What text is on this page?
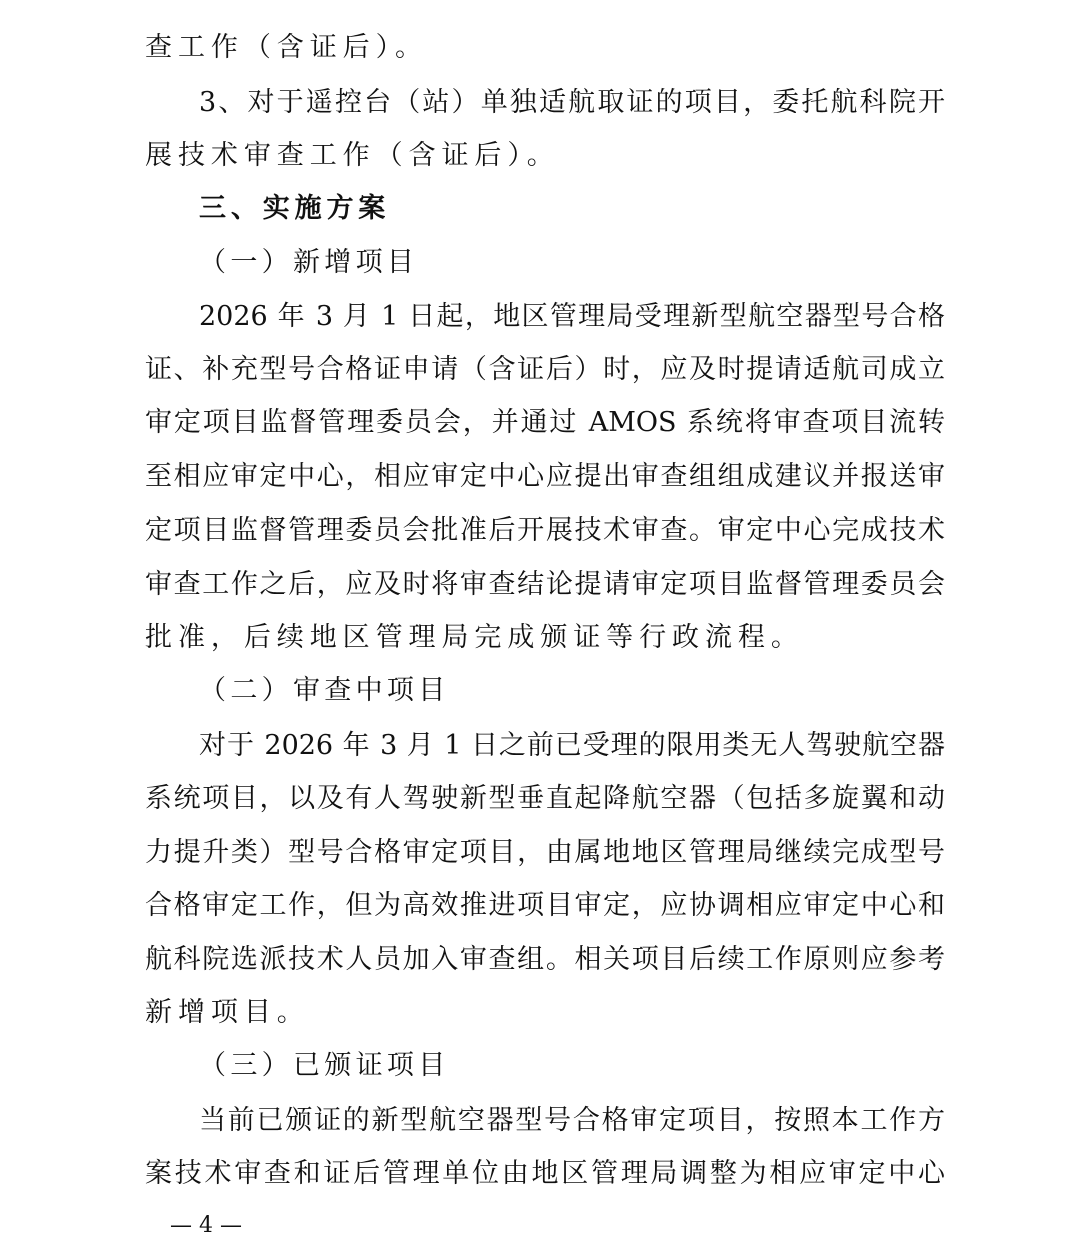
查工作（含证后）。
3、对于遥控台（站）单独适航取证的项目，委托航科院开
展技术审查工作（含证后）。
三、实施方案
（一）新增项目
2026 年 3 月 1 日起，地区管理局受理新型航空器型号合格
证、补充型号合格证申请（含证后）时，应及时提请适航司成立
审定项目监督管理委员会，并通过 AMOS 系统将审查项目流转
至相应审定中心，相应审定中心应提出审查组组成建议并报送审
定项目监督管理委员会批准后开展技术审查。审定中心完成技术
审查工作之后，应及时将审查结论提请审定项目监督管理委员会
批准，后续地区管理局完成颁证等行政流程。
（二）审查中项目
对于 2026 年 3 月 1 日之前已受理的限用类无人驾驶航空器
系统项目，以及有人驾驶新型垂直起降航空器（包括多旋翼和动
力提升类）型号合格审定项目，由属地地区管理局继续完成型号
合格审定工作，但为高效推进项目审定，应协调相应审定中心和
航科院选派技术人员加入审查组。相关项目后续工作原则应参考
新增项目。
（三）已颁证项目
当前已颁证的新型航空器型号合格审定项目，按照本工作方
案技术审查和证后管理单位由地区管理局调整为相应审定中心
— 4 —
